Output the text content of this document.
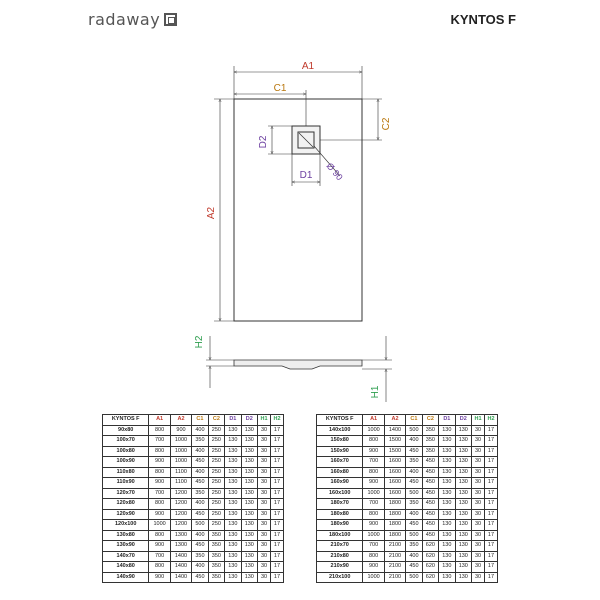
radaway	KYNTOS F
A1
C1
C2
D2
D1 Ø 90
A2
H2
H1
KYNTOS F	A1	A2	C1	C2	D1	D2	H1	H2
90x80	800	900	400	250	130	130	30	17
100x70	700	1000	350	250	130	130	30	17
100x80	800	1000	400	250	130	130	30	17
100x90	900	1000	450	250	130	130	30	17
110x80	800	1100	400	250	130	130	30	17
110x90	900	1100	450	250	130	130	30	17
120x70	700	1200	350	250	130	130	30	17
120x80	800	1200	400	250	130	130	30	17
120x90	900	1200	450	250	130	130	30	17
120x100	1000	1200	500	250	130	130	30	17
130x80	800	1300	400	350	130	130	30	17
130x90	900	1300	450	350	130	130	30	17
140x70	700	1400	350	350	130	130	30	17
140x80	800	1400	400	350	130	130	30	17
140x90	900	1400	450	350	130	130	30	17
KYNTOS F	A1	A2	C1	C2	D1	D2	H1	H2
140x100	1000	1400	500	350	130	130	30	17
150x80	800	1500	400	350	130	130	30	17
150x90	900	1500	450	350	130	130	30	17
160x70	700	1600	350	450	130	130	30	17
160x80	800	1600	400	450	130	130	30	17
160x90	900	1600	450	450	130	130	30	17
160x100	1000	1600	500	450	130	130	30	17
180x70	700	1800	350	450	130	130	30	17
180x80	800	1800	400	450	130	130	30	17
180x90	900	1800	450	450	130	130	30	17
180x100	1000	1800	500	450	130	130	30	17
210x70	700	2100	350	620	130	130	30	17
210x80	800	2100	400	620	130	130	30	17
210x90	900	2100	450	620	130	130	30	17
210x100	1000	2100	500	620	130	130	30	17
